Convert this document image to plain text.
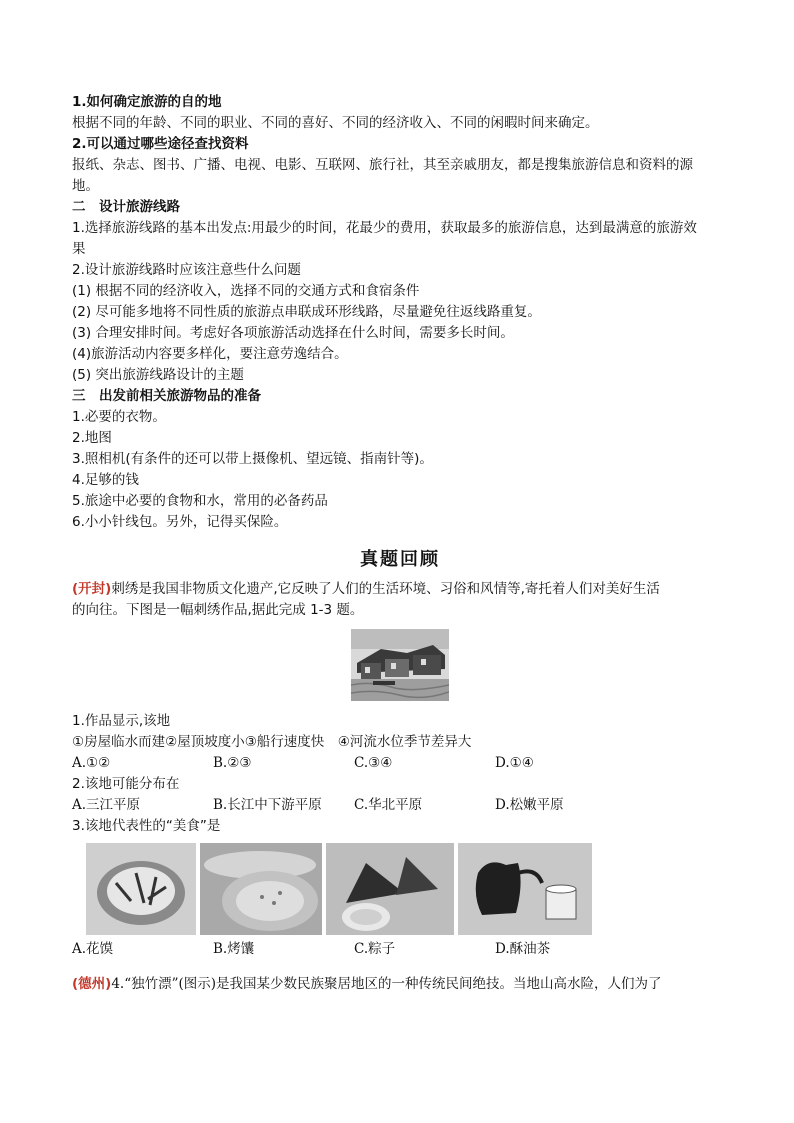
1.如何确定旅游的自的地
根据不同的年龄、不同的职业、不同的喜好、不同的经济收入、不同的闲暇时间来确定。
2.可以通过哪些途径查找资料
报纸、杂志、图书、广播、电视、电影、互联网、旅行社，其至亲戚朋友，都是搜集旅游信息和资料的源
地。
二　设计旅游线路
1.选择旅游线路的基本出发点:用最少的时间，花最少的费用，获取最多的旅游信息，达到最满意的旅游效
果
2.设计旅游线路时应该注意些什么问题
(1) 根据不同的经济收入，选择不同的交通方式和食宿条件
(2) 尽可能多地将不同性质的旅游点串联成环形线路，尽量避免往返线路重复。
(3) 合理安排时间。考虑好各项旅游活动选择在什么时间，需要多长时间。
(4)旅游活动内容要多样化，要注意劳逸结合。
(5) 突出旅游线路设计的主题
三　出发前相关旅游物品的准备
1.必要的衣物。
2.地图
3.照相机(有条件的还可以带上摄像机、望远镜、指南针等)。
4.足够的钱
5.旅途中必要的食物和水，常用的必备药品
6.小小针线包。另外，记得买保险。
真题回顾
(开封)刺绣是我国非物质文化遗产,它反映了人们的生活环境、习俗和风情等,寄托着人们对美好生活
的向往。下图是一幅刺绣作品,据此完成 1-3 题。
1.作品显示,该地
①房屋临水而建②屋顶坡度小③船行速度快　④河流水位季节差异大
A.①②	B.②③	C.③④	D.①④
2.该地可能分布在
A.三江平原	B.长江中下游平原	C.华北平原	D.松嫩平原
3.该地代表性的“美食”是
A.花馍	B.烤馕	C.粽子	D.酥油茶
(德州)4.“独竹漂”(图示)是我国某少数民族聚居地区的一种传统民间绝技。当地山高水险，人们为了
